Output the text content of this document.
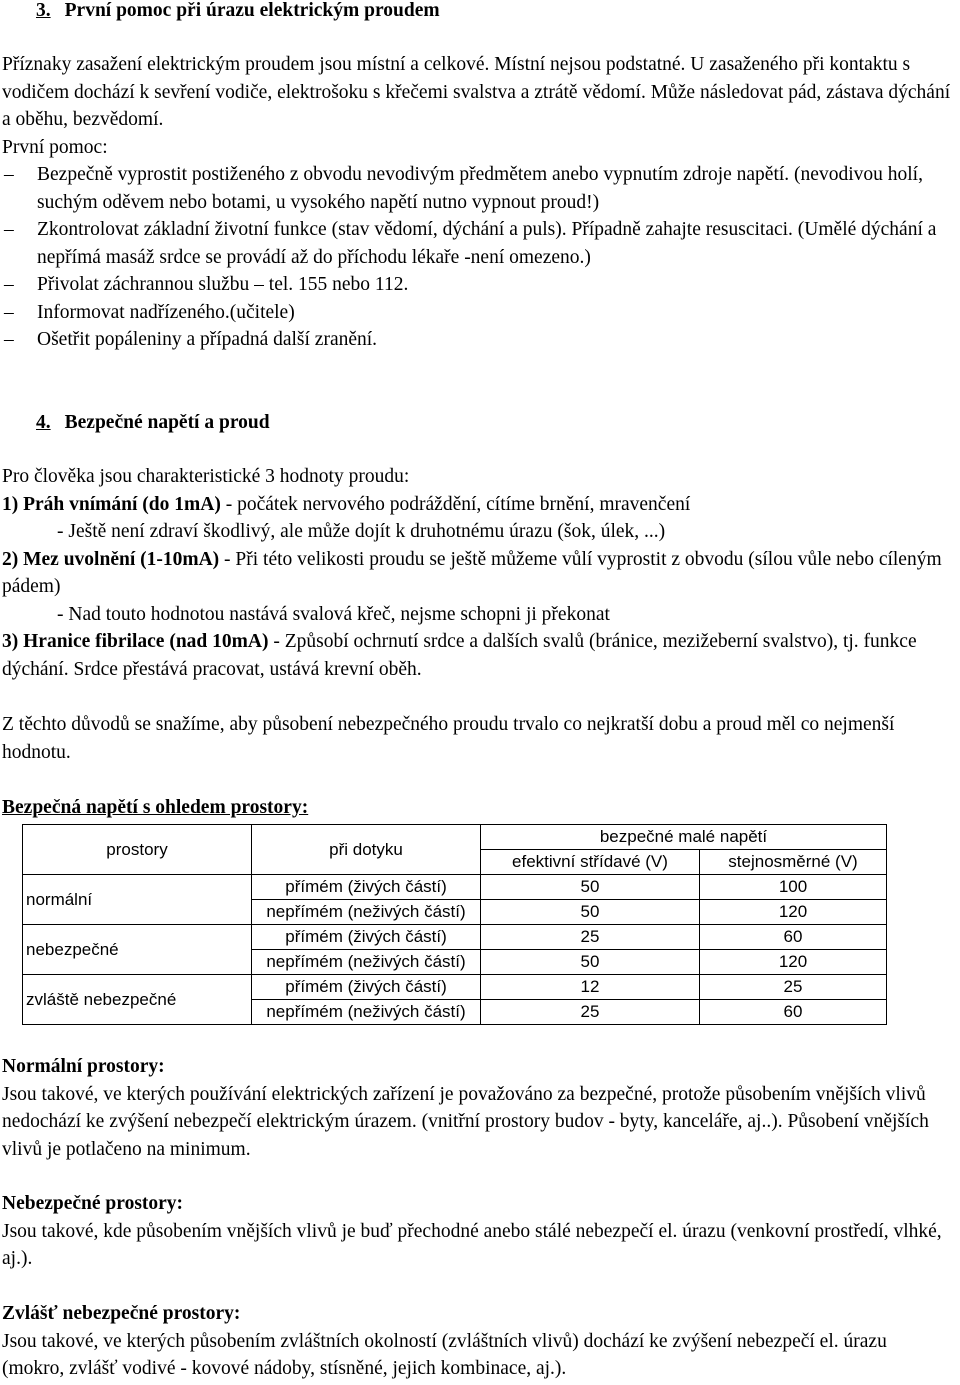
3. První pomoc při úrazu elektrickým proudem

Příznaky zasažení elektrickým proudem jsou místní a celkové. Místní nejsou podstatné. U zasaženého při kontaktu s vodičem dochází k sevření vodiče, elektrošoku s křečemi svalstva a ztrátě vědomí. Může následovat pád, zástava dýchání a oběhu, bezvědomí.

První pomoc:

– Bezpečně vyprostit postiženého z obvodu nevodivým předmětem anebo vypnutím zdroje napětí. (nevodivou holí, suchým oděvem nebo botami, u vysokého napětí nutno vypnout proud!)
– Zkontrolovat základní životní funkce (stav vědomí, dýchání a puls). Případně zahajte resuscitaci. (Umělé dýchání a nepřímá masáž srdce se provádí až do příchodu lékaře -není omezeno.)
– Přivolat záchrannou službu – tel. 155 nebo 112.
– Informovat nadřízeného.(učitele)
– Ošetřit popáleniny a případná další zranění.
4. Bezpečné napětí a proud

Pro člověka jsou charakteristické 3 hodnoty proudu:

1) Práh vnímání (do 1mA) - počátek nervového podráždění, cítíme brnění, mravenčení

- Ještě není zdraví škodlivý, ale může dojít k druhotnému úrazu (šok, úlek, ...)

2) Mez uvolnění (1-10mA) - Při této velikosti proudu se ještě můžeme vůlí vyprostit z obvodu (sílou vůle nebo cíleným pádem)

- Nad touto hodnotou nastává svalová křeč, nejsme schopni ji překonat

3) Hranice fibrilace (nad 10mA) - Způsobí ochrnutí srdce a dalších svalů (bránice, mezižeberní svalstvo), tj. funkce dýchání. Srdce přestává pracovat, ustává krevní oběh.

Z těchto důvodů se snažíme, aby působení nebezpečného proudu trvalo co nejkratší dobu a proud měl co nejmenší hodnotu.
Bezpečná napětí s ohledem prostory:
prostory	při dotyku	bezpečné malé napětí	
		efektivní střídavé (V)	stejnosměrné (V)
normální	přímém (živých částí)	50	100
	nepřímém (neživých částí)	50	120
nebezpečné	přímém (živých částí)	25	60
	nepřímém (neživých částí)	50	120
zvláště nebezpečné	přímém (živých částí)	12	25
	nepřímém (neživých částí)	25	60

Normální prostory:

Jsou takové, ve kterých používání elektrických zařízení je považováno za bezpečné, protože působením vnějších vlivů nedochází ke zvýšení nebezpečí elektrickým úrazem. (vnitřní prostory budov - byty, kanceláře, aj..). Působení vnějších vlivů je potlačeno na minimum.

Nebezpečné prostory:

Jsou takové, kde působením vnějších vlivů je buď přechodné anebo stálé nebezpečí el. úrazu (venkovní prostředí, vlhké, aj.).

Zvlášť nebezpečné prostory:

Jsou takové, ve kterých působením zvláštních okolností (zvláštních vlivů) dochází ke zvýšení nebezpečí el. úrazu (mokro, zvlášť vodivé - kovové nádoby, stísněné, jejich kombinace, aj.).
